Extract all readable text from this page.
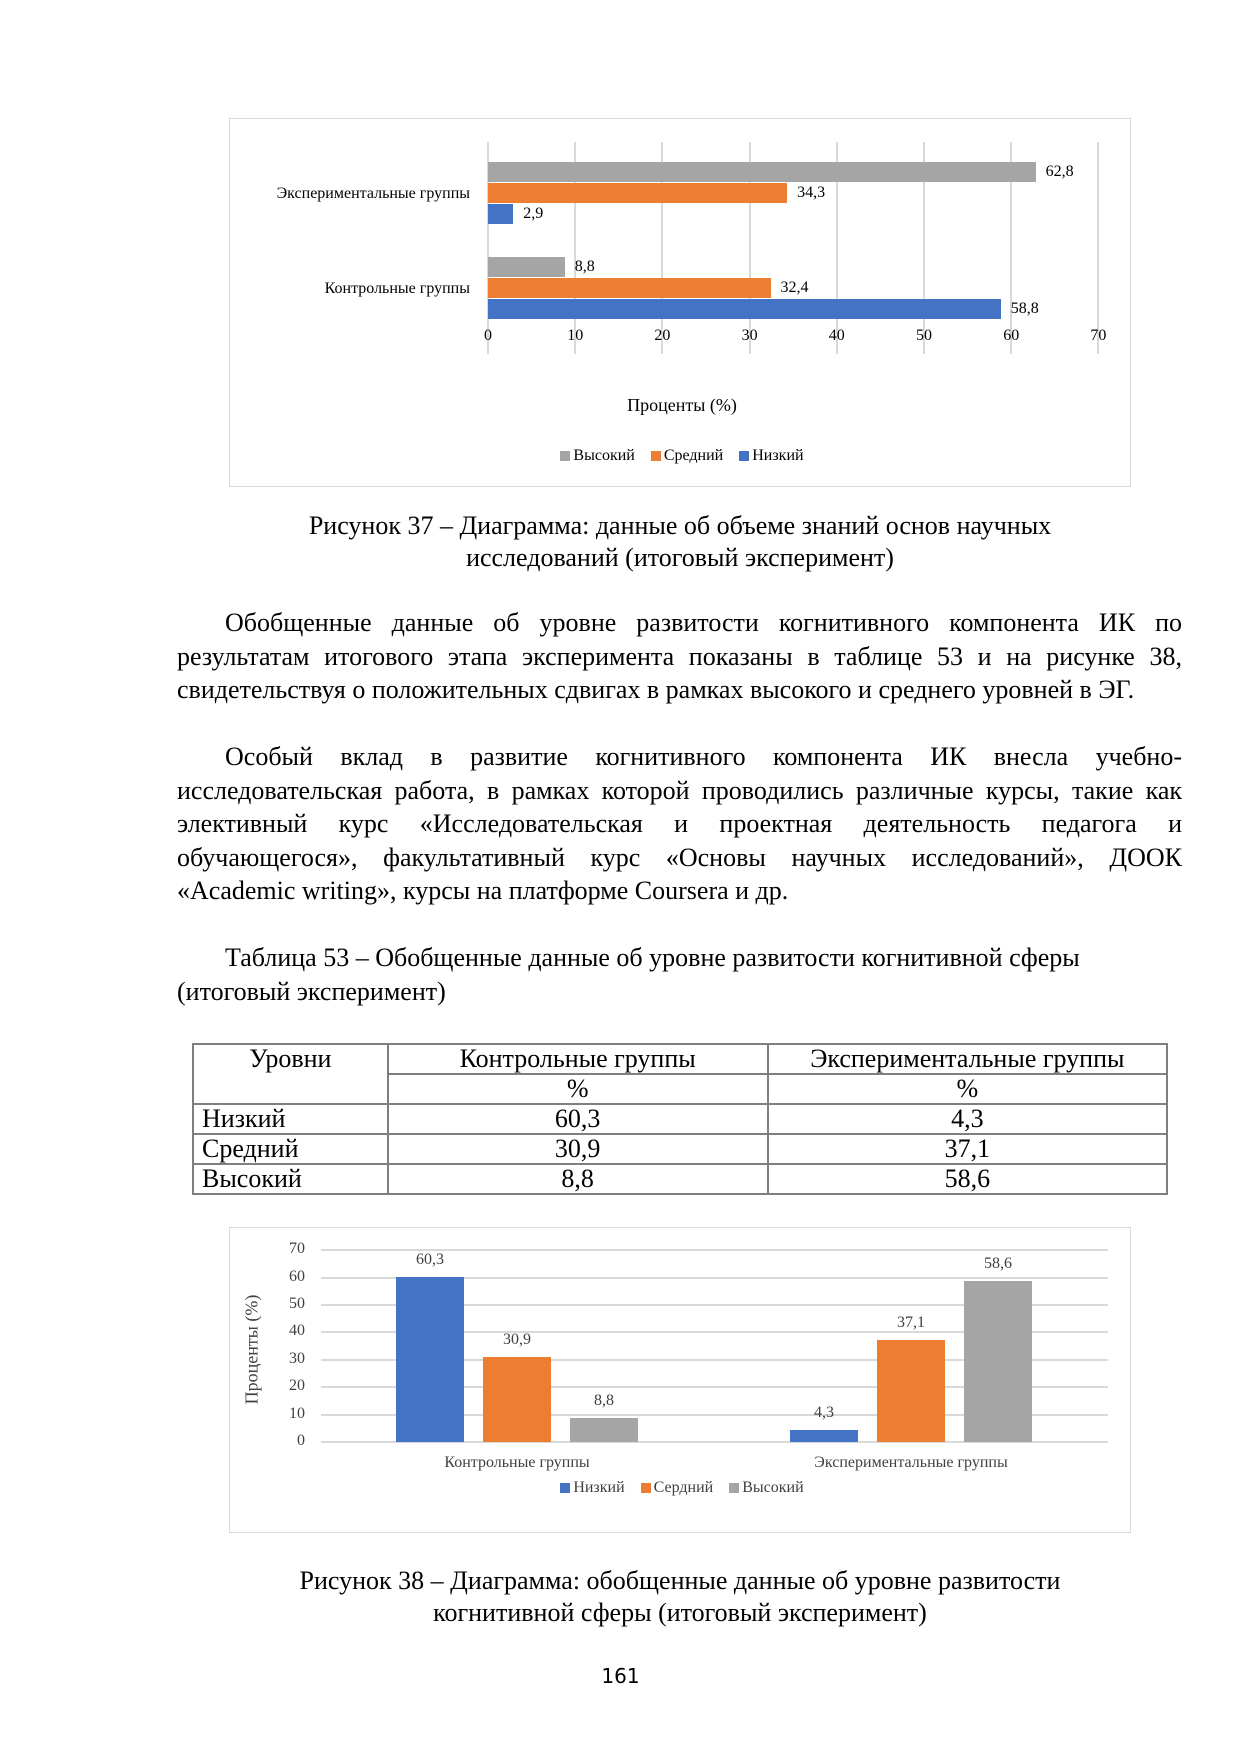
62,8
34,3
2,9
8,8
32,4
58,8
Экспериментальные группы
Контрольные группы
0	10	20	30	40	50	60	70
Проценты (%)
Высокий Средний Низкий
Рисунок 37 – Диаграмма: данные об объеме знаний основ научных
исследований (итоговый эксперимент)

Обобщенные данные об уровне развитости когнитивного компонента ИК по результатам итогового этапа эксперимента показаны в таблице 53 и на рисунке 38, свидетельствуя о положительных сдвигах в рамках высокого и среднего уровней в ЭГ.

Особый вклад в развитие когнитивного компонента ИК внесла учебно-исследовательская работа, в рамках которой проводились различные курсы, такие как элективный курс «Исследовательская и проектная деятельность педагога и обучающегося», факультативный курс «Основы научных исследований», ДООК «Academic writing», курсы на платформе Coursera и др.

Таблица 53 – Обобщенные данные об уровне развитости когнитивной сферы (итоговый эксперимент)

Уровни	Контрольные группы	Экспериментальные группы
	%	%
Низкий	60,3	4,3
Средний	30,9	37,1
Высокий	8,8	58,6
Проценты (%)
0
10
20
30
40
50
60
70
60,3
30,9
8,8
4,3
37,1
58,6
Контрольные группы	Экспериментальные группы
Низкий Сердний Высокий
Рисунок 38 – Диаграмма: обобщенные данные об уровне развитости
когнитивной сферы (итоговый эксперимент)
161
